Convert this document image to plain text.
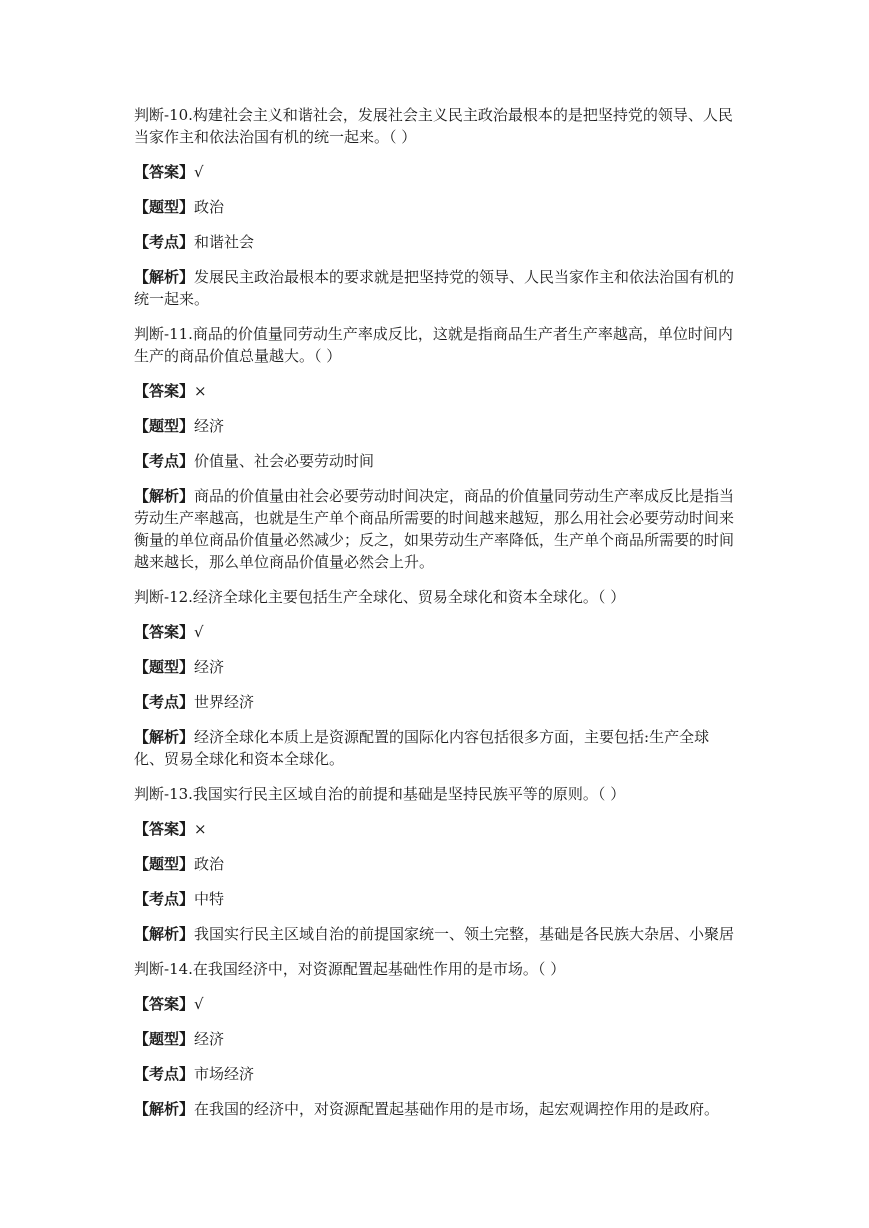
判断-10.构建社会主义和谐社会，发展社会主义民主政治最根本的是把坚持党的领导、人民当家作主和依法治国有机的统一起来。（ ）

【答案】√

【题型】政治

【考点】和谐社会

【解析】发展民主政治最根本的要求就是把坚持党的领导、人民当家作主和依法治国有机的统一起来。

判断-11.商品的价值量同劳动生产率成反比，这就是指商品生产者生产率越高，单位时间内生产的商品价值总量越大。（ ）

【答案】×

【题型】经济

【考点】价值量、社会必要劳动时间

【解析】商品的价值量由社会必要劳动时间决定，商品的价值量同劳动生产率成反比是指当劳动生产率越高，也就是生产单个商品所需要的时间越来越短，那么用社会必要劳动时间来衡量的单位商品价值量必然减少；反之，如果劳动生产率降低，生产单个商品所需要的时间越来越长，那么单位商品价值量必然会上升。

判断-12.经济全球化主要包括生产全球化、贸易全球化和资本全球化。（ ）

【答案】√

【题型】经济

【考点】世界经济

【解析】经济全球化本质上是资源配置的国际化内容包括很多方面，主要包括:生产全球化、贸易全球化和资本全球化。

判断-13.我国实行民主区域自治的前提和基础是坚持民族平等的原则。（ ）

【答案】×

【题型】政治

【考点】中特

【解析】我国实行民主区域自治的前提国家统一、领土完整，基础是各民族大杂居、小聚居

判断-14.在我国经济中，对资源配置起基础性作用的是市场。（ ）

【答案】√

【题型】经济

【考点】市场经济

【解析】在我国的经济中，对资源配置起基础作用的是市场，起宏观调控作用的是政府。
